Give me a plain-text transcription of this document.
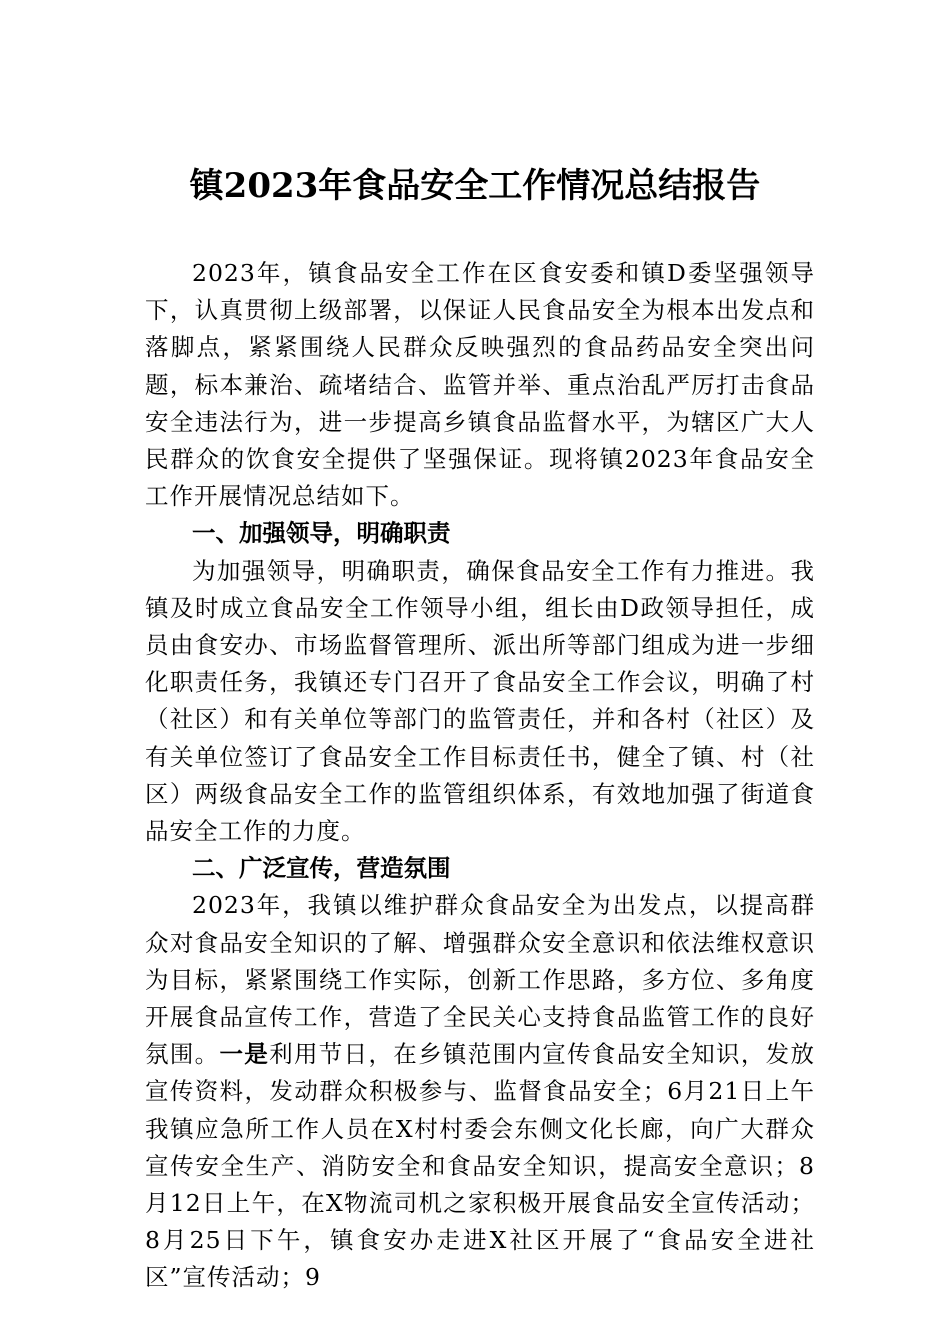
镇2023年食品安全工作情况总结报告

2023年，镇食品安全工作在区食安委和镇D委坚强领导下，认真贯彻上级部署，以保证人民食品安全为根本出发点和落脚点，紧紧围绕人民群众反映强烈的食品药品安全突出问题，标本兼治、疏堵结合、监管并举、重点治乱严厉打击食品安全违法行为，进一步提高乡镇食品监督水平，为辖区广大人民群众的饮食安全提供了坚强保证。现将镇2023年食品安全工作开展情况总结如下。

一、加强领导，明确职责

为加强领导，明确职责，确保食品安全工作有力推进。我镇及时成立食品安全工作领导小组，组长由D政领导担任，成员由食安办、市场监督管理所、派出所等部门组成为进一步细化职责任务，我镇还专门召开了食品安全工作会议，明确了村（社区）和有关单位等部门的监管责任，并和各村（社区）及有关单位签订了食品安全工作目标责任书，健全了镇、村（社区）两级食品安全工作的监管组织体系，有效地加强了街道食品安全工作的力度。

二、广泛宣传，营造氛围

2023年，我镇以维护群众食品安全为出发点，以提高群众对食品安全知识的了解、增强群众安全意识和依法维权意识为目标，紧紧围绕工作实际，创新工作思路，多方位、多角度开展食品宣传工作，营造了全民关心支持食品监管工作的良好氛围。一是利用节日，在乡镇范围内宣传食品安全知识，发放宣传资料，发动群众积极参与、监督食品安全；6月21日上午我镇应急所工作人员在X村村委会东侧文化长廊，向广大群众宣传安全生产、消防安全和食品安全知识，提高安全意识；8月12日上午，在X物流司机之家积极开展食品安全宣传活动；8月25日下午，镇食安办走进X社区开展了“食品安全进社区”宣传活动；9
